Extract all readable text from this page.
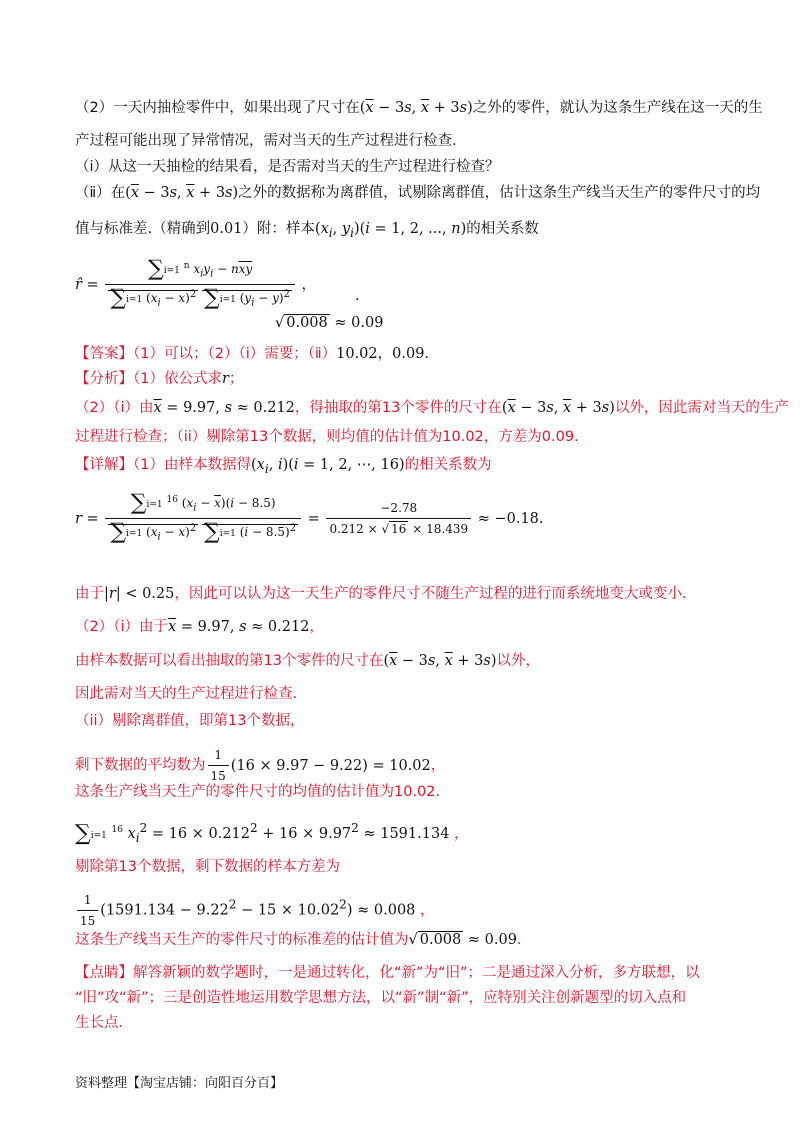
（2）一天内抽检零件中，如果出现了尺寸在($\overline{x} - 3s$, $\overline{x} + 3s$)之外的零件，就认为这条生产线在这一天的生
产过程可能出现了异常情况，需对当天的生产过程进行检查.
（ⅰ）从这一天抽检的结果看，是否需对当天的生产过程进行检查？
（ⅱ）在($\overline{x} - 3s$, $\overline{x} + 3s$)之外的数据称为离群值，试剔除离群值，估计这条生产线当天生产的零件尺寸的均
值与标准差.（精确到0.01）附：样本($x_i$, $y_i)(i = 1$, 2, ..., n)的相关系数
r̂ = $\frac{\sum i=1 ^n x_iy_i - n\overline{xy}}{\sum i=1 (x_i - \overline{x})^2 \sum i=1 (y_i - \overline{y})^2}$ ，
√ 0.008 ≈ 0.09
.
【答案】（1）可以；（2）（ⅰ）需要；（ⅱ）10.02，0.09.
【分析】（1）依公式求r；
（2）（i）由$\overline{x} = 9.97$, s ≈ 0.212，得抽取的第13个零件的尺寸在($\overline{x} - 3s$, $\overline{x} + 3s$)以外，因此需对当天的生产
过程进行检查；（ii）剔除第13个数据，则均值的估计值为10.02，方差为0.09.
【详解】（1）由样本数据得($x_i$, i)(i = 1, 2, ⋯, 16)的相关系数为
$r = \frac{\sum i=1 ^{16} (x_i - \overline{x})(i - 8.5)}{\sum i=1 (x_i - \overline{x})^2 \sum i=1 (i - 8.5)^2} = \frac{-2.78}{0.212 \times √ 16 \times 18.439} \approx -0.18$.
由于|r| < 0.25，因此可以认为这一天生产的零件尺寸不随生产过程的进行而系统地变大或变小.
（2）（i）由于$\overline{x} = 9.97$, s ≈ 0.212，
由样本数据可以看出抽取的第13个零件的尺寸在($\overline{x} - 3s$, $\overline{x} + 3s$)以外，
因此需对当天的生产过程进行检查.
（ii）剔除离群值，即第13个数据，
剩下数据的平均数为 $\frac{1}{15} (16 \times 9.97 - 9.22) = 10.02$，
这条生产线当天生产的零件尺寸的均值的估计值为10.02.
∑i=1 $^{16}$ $x_i^2 = 16 \times 0.212^2 + 16 \times 9.97^2 \approx 1591.134$ ，
剔除第13个数据，剩下数据的样本方差为
$\frac{1}{15} (1591.134 - 9.22^2 - 15 \times 10.02^2) \approx 0.008$ ，
这条生产线当天生产的零件尺寸的标准差的估计值为√ 0.008 ≈ 0.09.
【点睛】解答新颖的数学题时，一是通过转化，化“新”为“旧”；二是通过深入分析，多方联想，以
“旧”攻“新”；三是创造性地运用数学思想方法，以“新”制“新”，应特别关注创新题型的切入点和
生长点.
资料整理【淘宝店铺：向阳百分百】
